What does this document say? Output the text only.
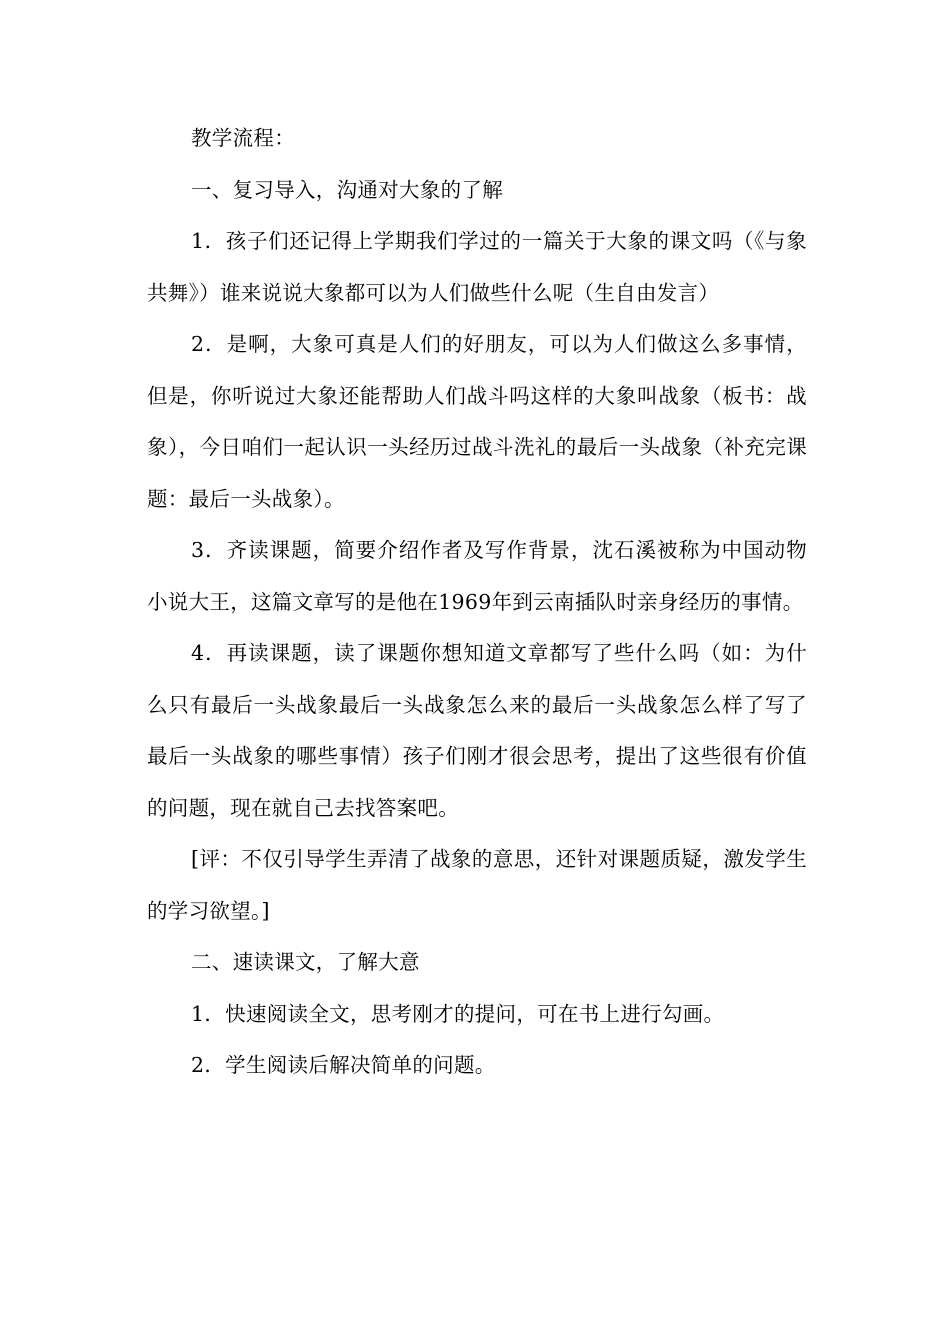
教学流程：

一、复习导入，沟通对大象的了解

1．孩子们还记得上学期我们学过的一篇关于大象的课文吗（《与象共舞》）谁来说说大象都可以为人们做些什么呢（生自由发言）

2．是啊，大象可真是人们的好朋友，可以为人们做这么多事情，但是，你听说过大象还能帮助人们战斗吗这样的大象叫战象（板书：战象），今日咱们一起认识一头经历过战斗洗礼的最后一头战象（补充完课题：最后一头战象）。

3．齐读课题，简要介绍作者及写作背景，沈石溪被称为中国动物小说大王，这篇文章写的是他在1969年到云南插队时亲身经历的事情。

4．再读课题，读了课题你想知道文章都写了些什么吗（如：为什么只有最后一头战象最后一头战象怎么来的最后一头战象怎么样了写了最后一头战象的哪些事情）孩子们刚才很会思考，提出了这些很有价值的问题，现在就自己去找答案吧。

[评：不仅引导学生弄清了战象的意思，还针对课题质疑，激发学生的学习欲望。]

二、速读课文，了解大意

1．快速阅读全文，思考刚才的提问，可在书上进行勾画。

2．学生阅读后解决简单的问题。
